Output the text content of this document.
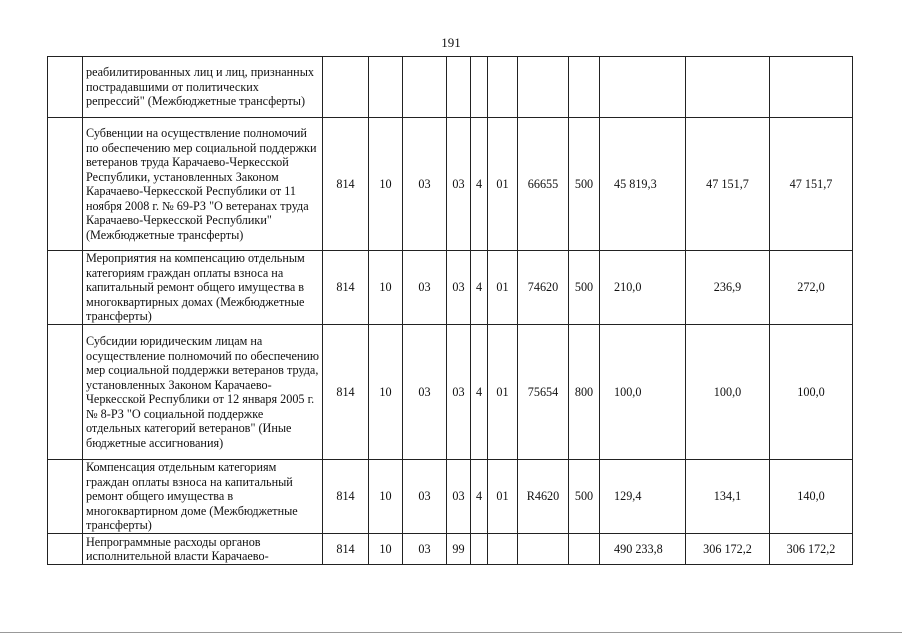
191
	реабилитированных лиц и лиц, признанных пострадавшими от политических репрессий" (Межбюджетные трансферты)											
	Субвенции на осуществление полномочий по обеспечению мер социальной поддержки ветеранов труда Карачаево-Черкесской Республики, установленных Законом Карачаево-Черкесской Республики от 11 ноября 2008 г. № 69-РЗ "О ветеранах труда Карачаево-Черкесской Республики" (Межбюджетные трансферты)	814	10	03	03	4	01	66655	500	45 819,3	47 151,7	47 151,7
	Мероприятия на компенсацию отдельным категориям граждан оплаты взноса на капитальный ремонт общего имущества в многоквартирных домах (Межбюджетные трансферты)	814	10	03	03	4	01	74620	500	210,0	236,9	272,0
	Субсидии юридическим лицам на осуществление полномочий по обеспечению мер социальной поддержки ветеранов труда, установленных Законом Карачаево-Черкесской Республики от 12 января 2005 г. № 8-РЗ "О социальной поддержке отдельных категорий ветеранов" (Иные бюджетные ассигнования)	814	10	03	03	4	01	75654	800	100,0	100,0	100,0
	Компенсация отдельным категориям граждан оплаты взноса на капитальный ремонт общего имущества в многоквартирном доме (Межбюджетные трансферты)	814	10	03	03	4	01	R4620	500	129,4	134,1	140,0
	Непрограммные расходы органов исполнительной власти Карачаево-	814	10	03	99					490 233,8	306 172,2	306 172,2
